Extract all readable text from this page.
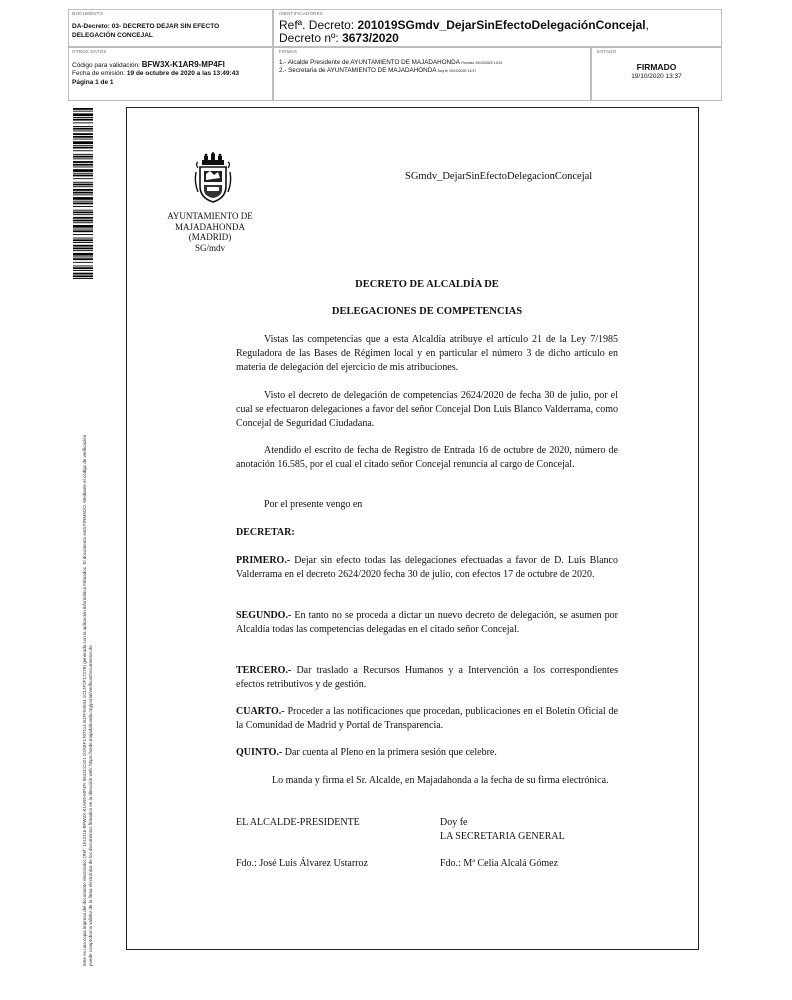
DOCUMENTO
DA-Decreto: 03- DECRETO DEJAR SIN EFECTO
DELEGACIÓN CONCEJAL
IDENTIFICADORES
Refª. Decreto: 201019SGmdv_DejarSinEfectoDelegaciónConcejal,
Decreto nº: 3673/2020
OTROS DATOS
Código para validación: BFW3X-K1AR9-MP4FI
Fecha de emisión: 19 de octubre de 2020 a las 13:49:43
Página 1 de 1
FIRMAS
1.- Alcalde Presidente de AYUNTAMIENTO DE MAJADAHONDA Firmado 19/10/2020 13:31
2.- Secretaria de AYUNTAMIENTO DE MAJADAHONDA Doy fe 19/10/2020 13:37
ESTADO
FIRMADO
19/10/2020 13:37
Este es una copia impresa del documento electrónico (Ref: 1512116 BFW3X-K1AR9-MP4FI 9643CC321 D2AEF1707114 B1FF04934 1C17F2F1727B) generada con la aplicación informática Firmadoc. El documento está FIRMADO. Mediante el código de verificación puede comprobar la validez de la firma electrónica de los documentos firmados en la dirección web: https://sede.majadahonda.org/portal/verificarDocumentos.do
SGmdv_DejarSinEfectoDelegacionConcejal
AYUNTAMIENTO DE
MAJADAHONDA
(MADRID)
SG/mdv
DECRETO DE ALCALDÍA DE
DELEGACIONES DE COMPETENCIAS
Vistas las competencias que a esta Alcaldía atribuye el artículo 21 de la Ley 7/1985 Reguladora de las Bases de Régimen local y en particular el número 3 de dicho artículo en materia de delegación del ejercicio de mis atribuciones.
Visto el decreto de delegación de competencias 2624/2020 de fecha 30 de julio, por el cual se efectuaron delegaciones a favor del señor Concejal Don Luis Blanco Valderrama, como Concejal de Seguridad Ciudadana.
Atendido el escrito de fecha de Registro de Entrada 16 de octubre de 2020, número de anotación 16.585, por el cual el citado señor Concejal renuncia al cargo de Concejal.
Por el presente vengo en
DECRETAR:
PRIMERO.- Dejar sin efecto todas las delegaciones efectuadas a favor de D. Luis Blanco Valderrama en el decreto 2624/2020 fecha 30 de julio, con efectos 17 de octubre de 2020.
SEGUNDO.- En tanto no se proceda a dictar un nuevo decreto de delegación, se asumen por Alcaldía todas las competencias delegadas en el citado señor Concejal.
TERCERO.- Dar traslado a Recursos Humanos y a Intervención a los correspondientes efectos retributivos y de gestión.
CUARTO.- Proceder a las notificaciones que procedan, publicaciones en el Boletín Oficial de la Comunidad de Madrid y Portal de Transparencia.
QUINTO.- Dar cuenta al Pleno en la primera sesión que celebre.
Lo manda y firma el Sr. Alcalde, en Majadahonda a la fecha de su firma electrónica.
EL ALCALDE-PRESIDENTE	Doy fe
LA SECRETARIA GENERAL
Fdo.: José Luis Álvarez Ustarroz	Fdo.: Mª Celia Alcalá Gómez
